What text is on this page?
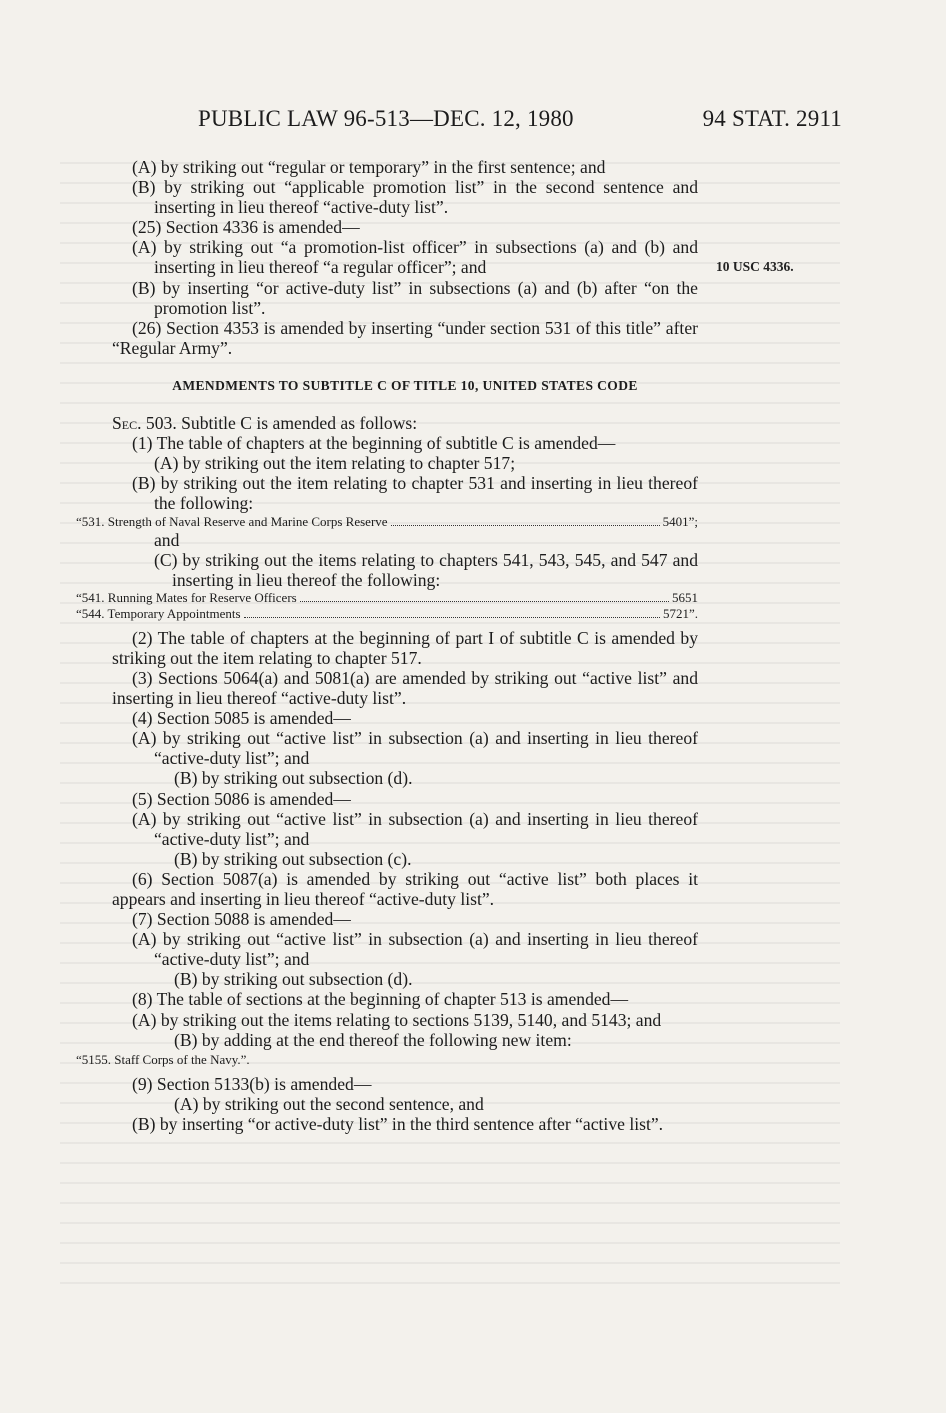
PUBLIC LAW 96-513—DEC. 12, 1980	94 STAT. 2911
10 USC 4336.

(A) by striking out “regular or temporary” in the first sentence; and

(B) by striking out “applicable promotion list” in the second sentence and inserting in lieu thereof “active-duty list”.

(25) Section 4336 is amended—

(A) by striking out “a promotion-list officer” in subsections (a) and (b) and inserting in lieu thereof “a regular officer”; and

(B) by inserting “or active-duty list” in subsections (a) and (b) after “on the promotion list”.

(26) Section 4353 is amended by inserting “under section 531 of this title” after “Regular Army”.

AMENDMENTS TO SUBTITLE C OF TITLE 10, UNITED STATES CODE

Sec. 503. Subtitle C is amended as follows:

(1) The table of chapters at the beginning of subtitle C is amended—

(A) by striking out the item relating to chapter 517;

(B) by striking out the item relating to chapter 531 and inserting in lieu thereof the following:

“531. Strength of Naval Reserve and Marine Corps Reserve	5401”;

and

(C) by striking out the items relating to chapters 541, 543, 545, and 547 and inserting in lieu thereof the following:

“541. Running Mates for Reserve Officers	5651
“544. Temporary Appointments	5721”.

(2) The table of chapters at the beginning of part I of subtitle C is amended by striking out the item relating to chapter 517.

(3) Sections 5064(a) and 5081(a) are amended by striking out “active list” and inserting in lieu thereof “active-duty list”.

(4) Section 5085 is amended—

(A) by striking out “active list” in subsection (a) and inserting in lieu thereof “active-duty list”; and

(B) by striking out subsection (d).

(5) Section 5086 is amended—

(A) by striking out “active list” in subsection (a) and inserting in lieu thereof “active-duty list”; and

(B) by striking out subsection (c).

(6) Section 5087(a) is amended by striking out “active list” both places it appears and inserting in lieu thereof “active-duty list”.

(7) Section 5088 is amended—

(A) by striking out “active list” in subsection (a) and inserting in lieu thereof “active-duty list”; and

(B) by striking out subsection (d).

(8) The table of sections at the beginning of chapter 513 is amended—

(A) by striking out the items relating to sections 5139, 5140, and 5143; and

(B) by adding at the end thereof the following new item:

“5155. Staff Corps of the Navy.”.

(9) Section 5133(b) is amended—

(A) by striking out the second sentence, and

(B) by inserting “or active-duty list” in the third sentence after “active list”.
